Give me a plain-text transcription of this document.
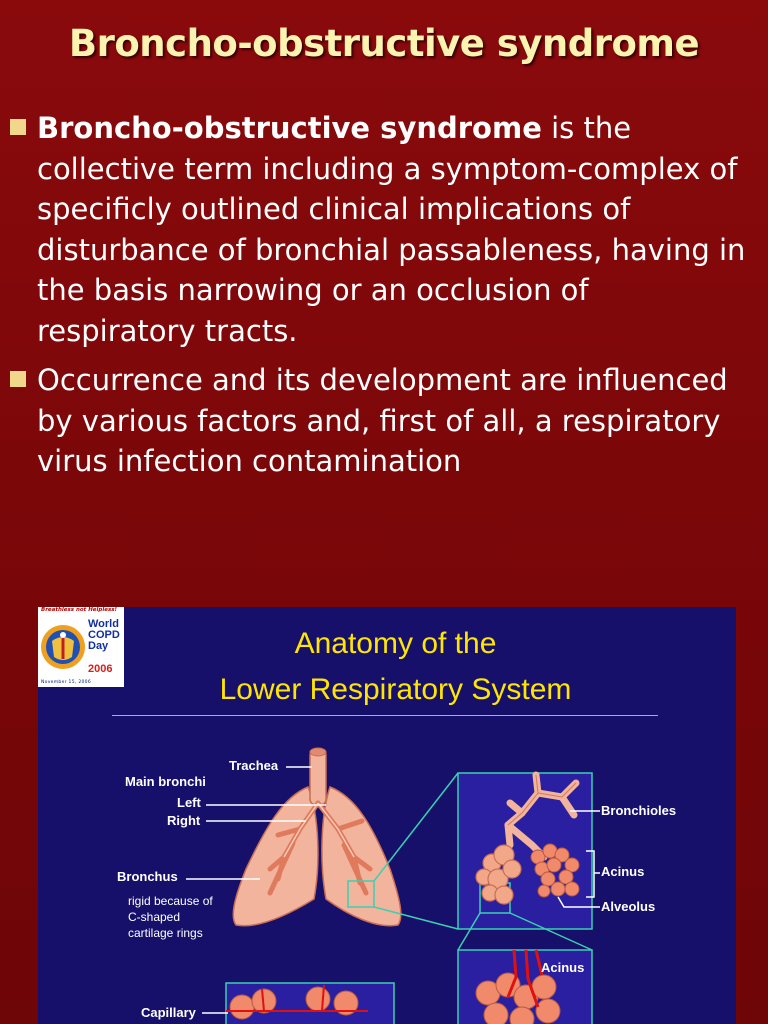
Broncho-obstructive syndrome
Broncho-obstructive syndrome is the collective term including a symptom-complex of specificly outlined clinical implications of disturbance of bronchial passableness, having in the basis narrowing or an occlusion of respiratory tracts.
Occurrence and its development are influenced by various factors and, first of all, a respiratory virus infection contamination
Breathless not Helpless!
World
COPD
Day
2006
November 15, 2006
Anatomy of the
Lower Respiratory System
Trachea
Main bronchi
Left
Right
Bronchus
rigid because of
C-shaped
cartilage rings
Bronchioles
Acinus
Alveolus
Acinus
Capillary
